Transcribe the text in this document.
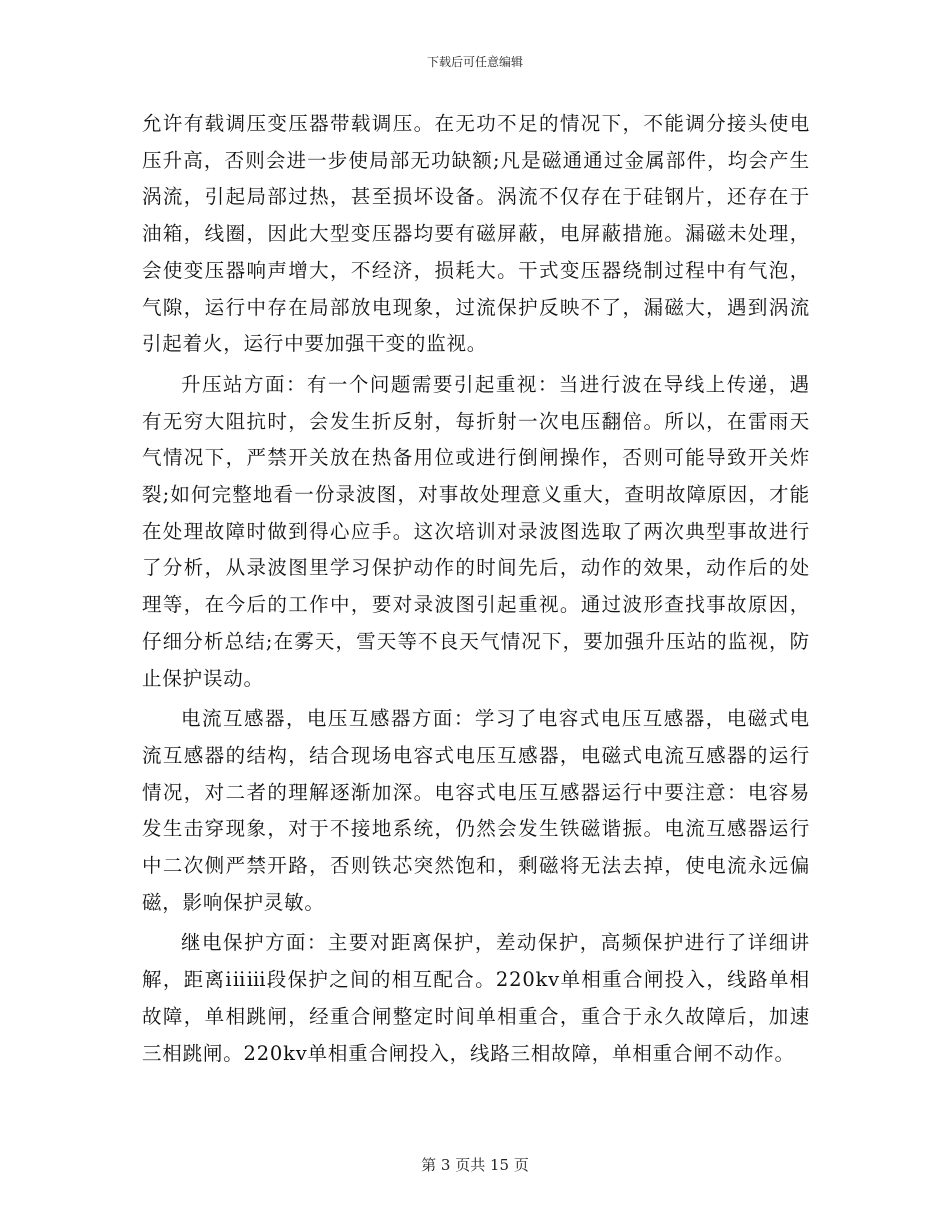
下载后可任意编辑

允许有载调压变压器带载调压。在无功不足的情况下，不能调分接头使电压升高，否则会进一步使局部无功缺额;凡是磁通通过金属部件，均会产生涡流，引起局部过热，甚至损坏设备。涡流不仅存在于硅钢片，还存在于油箱，线圈，因此大型变压器均要有磁屏蔽，电屏蔽措施。漏磁未处理，会使变压器响声增大，不经济，损耗大。干式变压器绕制过程中有气泡，气隙，运行中存在局部放电现象，过流保护反映不了，漏磁大，遇到涡流引起着火，运行中要加强干变的监视。

升压站方面：有一个问题需要引起重视：当进行波在导线上传递，遇有无穷大阻抗时，会发生折反射，每折射一次电压翻倍。所以，在雷雨天气情况下，严禁开关放在热备用位或进行倒闸操作，否则可能导致开关炸裂;如何完整地看一份录波图，对事故处理意义重大，查明故障原因，才能在处理故障时做到得心应手。这次培训对录波图选取了两次典型事故进行了分析，从录波图里学习保护动作的时间先后，动作的效果，动作后的处理等，在今后的工作中，要对录波图引起重视。通过波形查找事故原因，仔细分析总结;在雾天，雪天等不良天气情况下，要加强升压站的监视，防止保护误动。

电流互感器，电压互感器方面：学习了电容式电压互感器，电磁式电流互感器的结构，结合现场电容式电压互感器，电磁式电流互感器的运行情况，对二者的理解逐渐加深。电容式电压互感器运行中要注意：电容易发生击穿现象，对于不接地系统，仍然会发生铁磁谐振。电流互感器运行中二次侧严禁开路，否则铁芯突然饱和，剩磁将无法去掉，使电流永远偏磁，影响保护灵敏。

继电保护方面：主要对距离保护，差动保护，高频保护进行了详细讲解，距离ⅰⅱⅲ段保护之间的相互配合。220kv单相重合闸投入，线路单相故障，单相跳闸，经重合闸整定时间单相重合，重合于永久故障后，加速三相跳闸。220kv单相重合闸投入，线路三相故障，单相重合闸不动作。

第 3 页共 15 页
